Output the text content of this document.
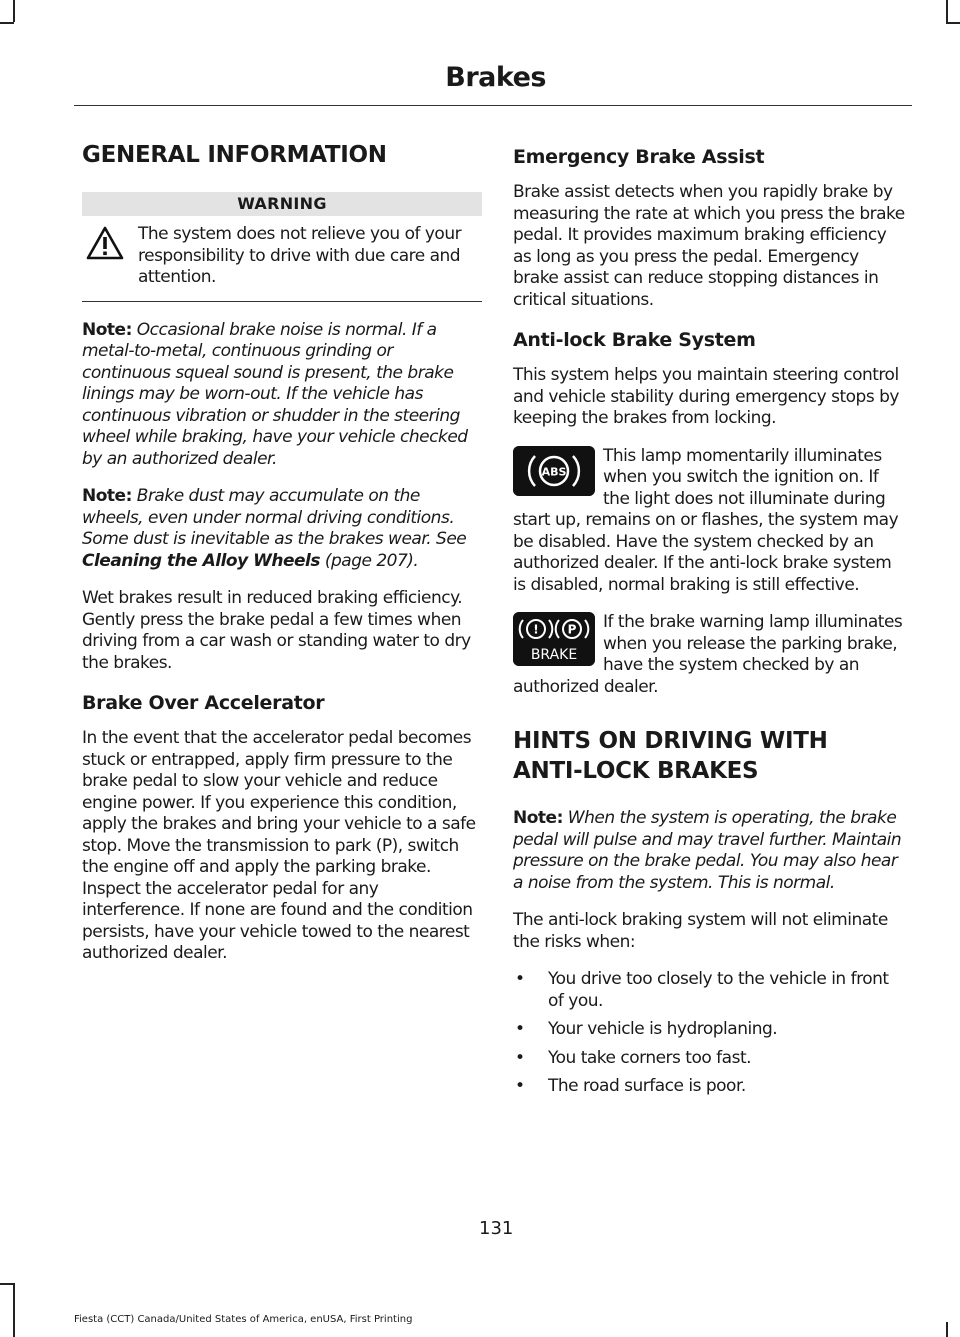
Brakes
GENERAL INFORMATION
WARNING

The system does not relieve you of your responsibility to drive with due care and attention.

Note: Occasional brake noise is normal. If a metal-to-metal, continuous grinding or continuous squeal sound is present, the brake linings may be worn-out. If the vehicle has continuous vibration or shudder in the steering wheel while braking, have your vehicle checked by an authorized dealer.

Note: Brake dust may accumulate on the wheels, even under normal driving conditions. Some dust is inevitable as the brakes wear. See Cleaning the Alloy Wheels (page 207).

Wet brakes result in reduced braking efficiency. Gently press the brake pedal a few times when driving from a car wash or standing water to dry the brakes.

Brake Over Accelerator

In the event that the accelerator pedal becomes stuck or entrapped, apply firm pressure to the brake pedal to slow your vehicle and reduce engine power. If you experience this condition, apply the brakes and bring your vehicle to a safe stop. Move the transmission to park (P), switch the engine off and apply the parking brake. Inspect the accelerator pedal for any interference. If none are found and the condition persists, have your vehicle towed to the nearest authorized dealer.

Emergency Brake Assist

Brake assist detects when you rapidly brake by measuring the rate at which you press the brake pedal. It provides maximum braking efficiency as long as you press the pedal. Emergency brake assist can reduce stopping distances in critical situations.

Anti-lock Brake System

This system helps you maintain steering control and vehicle stability during emergency stops by keeping the brakes from locking.

ABS

This lamp momentarily illuminates when you switch the ignition on. If the light does not illuminate during start up, remains on or flashes, the system may be disabled. Have the system checked by an authorized dealer. If the anti-lock brake system is disabled, normal braking is still effective.

! P
BRAKE

If the brake warning lamp illuminates when you release the parking brake, have the system checked by an authorized dealer.

HINTS ON DRIVING WITH
ANTI-LOCK BRAKES

Note: When the system is operating, the brake pedal will pulse and may travel further. Maintain pressure on the brake pedal. You may also hear a noise from the system. This is normal.

The anti-lock braking system will not eliminate the risks when:

• You drive too closely to the vehicle in front of you.
• Your vehicle is hydroplaning.
• You take corners too fast.
• The road surface is poor.
131
Fiesta (CCT) Canada/United States of America, enUSA, First Printing
